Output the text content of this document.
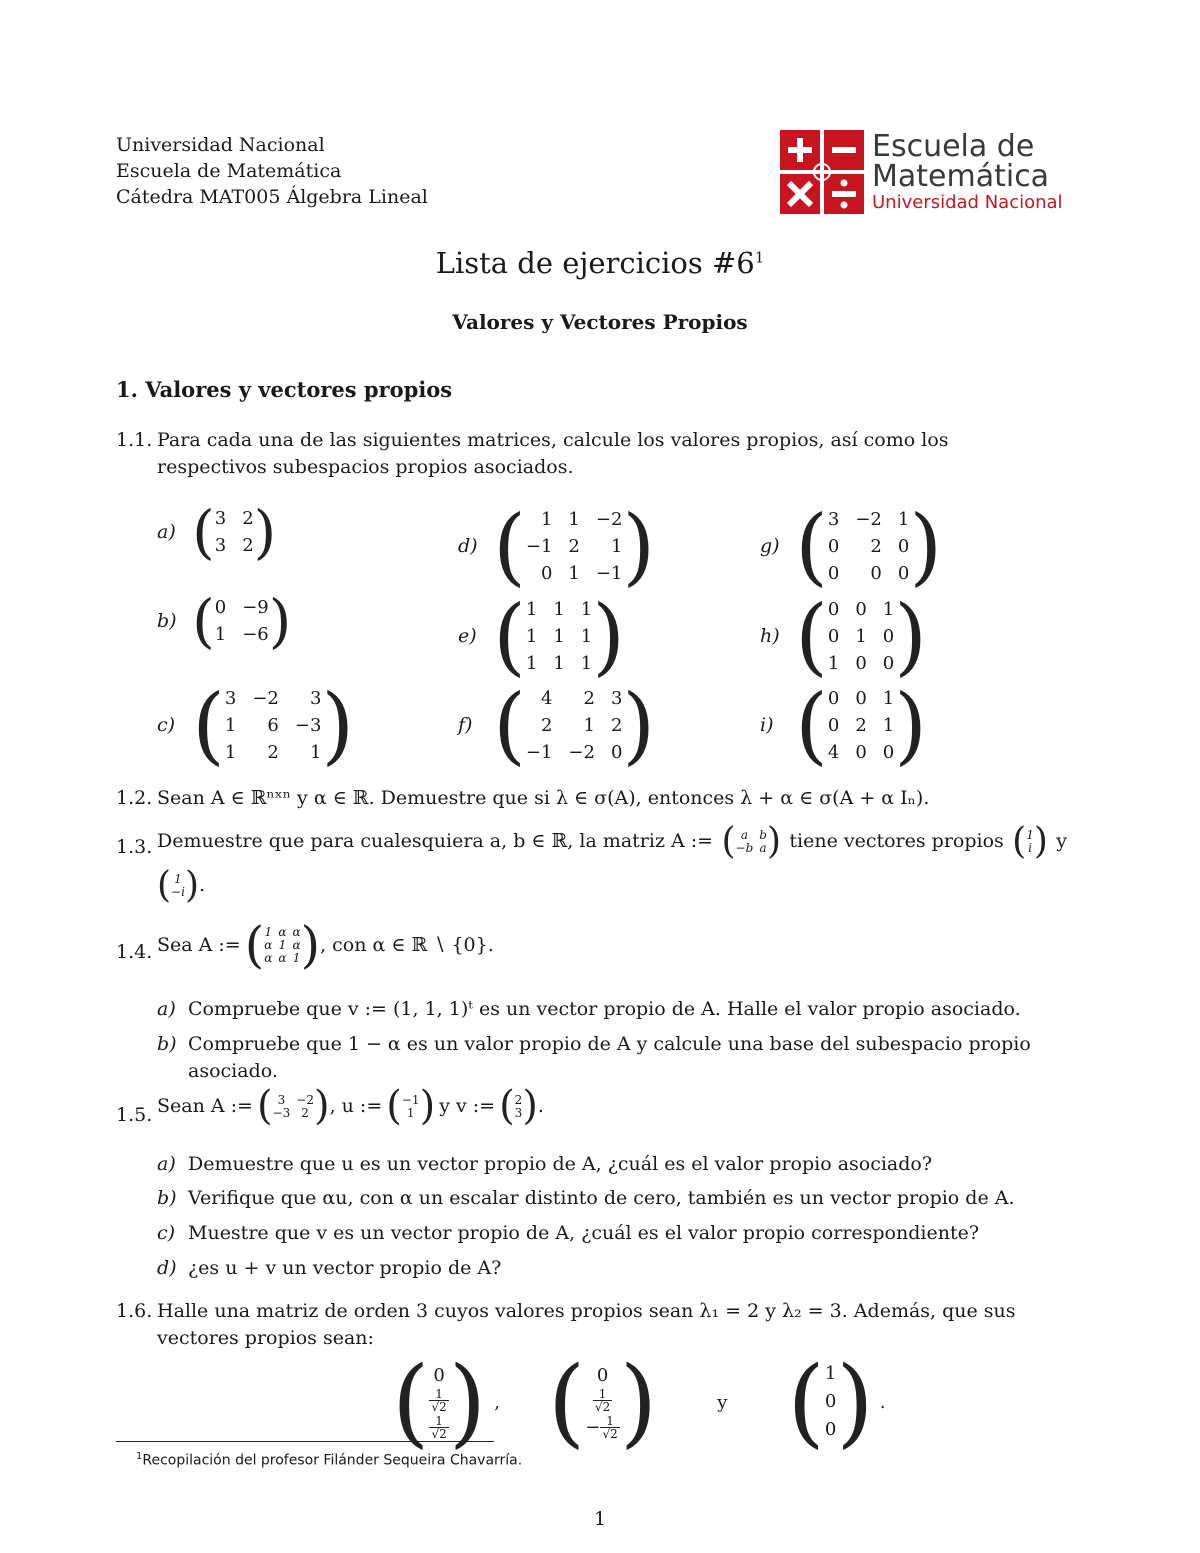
Universidad Nacional
Escuela de Matemática
Cátedra MAT005 Álgebra Lineal
Escuela de
Matemática
Universidad Nacional
Lista de ejercicios $\#6^1$
Valores y Vectores Propios
1. Valores y vectores propios
1.1. Para cada una de las siguientes matrices, calcule los valores propios, así como los respectivos subespacios propios asociados.
a) ( 3 2
3 2 )
b) ( 0 −9
1 −6 )
c) ( 3 −2	3
1	6 −3
1	2	1 )
d) ( 1 1 −2
−1 2	1
0 1 −1 )
e) ( 1 1 1
1 1 1
1 1 1 )
f) ( 4	2 3
2	1 2
−1 −2 0 )
g) ( 3 −2 1
0	2 0
0	0 0 )
h) ( 0 0 1
0 1 0
1 0 0 )
i) ( 0 0 1
0 2 1
4 0 0 )
1.2. Sean A ∈ ℝⁿˣⁿ y α ∈ ℝ. Demuestre que si λ ∈ σ(A), entonces λ + α ∈ σ(A + α Iₙ).
1.3. Demuestre que para cualesquiera a, b ∈ ℝ, la matriz A := ( a b
−b a ) tiene vectores propios ( 1
i ) y
( 1
−i ) .
1.4. Sea A := ( 1 α α
α 1 α
α α 1 ) , con α ∈ ℝ ∖ {0}.
a) Compruebe que v := (1, 1, 1)ᵗ es un vector propio de A. Halle el valor propio asociado.
b) Compruebe que 1 − α es un valor propio de A y calcule una base del subespacio propio asociado.
1.5. Sean A := ( 3 −2
−3 2 ) , u := ( −1
1 ) y v := ( 2
3 ) .
a) Demuestre que u es un vector propio de A, ¿cuál es el valor propio asociado?
b) Verifique que αu, con α un escalar distinto de cero, también es un vector propio de A.
c) Muestre que v es un vector propio de A, ¿cuál es el valor propio correspondiente?
d) ¿es u + v un vector propio de A?
1.6. Halle una matriz de orden 3 cuyos valores propios sean λ₁ = 2 y λ₂ = 3. Además, que sus vectores propios sean:
( 0
$\frac{1}{√2}$
$\frac{1}{√2}$ ) , ( 0
$\frac{1}{√2}$
− $\frac{1}{√2}$ )	y ( 1
0
0 ) .
$^1$Recopilación del profesor Filánder Sequeira Chavarría.
1
